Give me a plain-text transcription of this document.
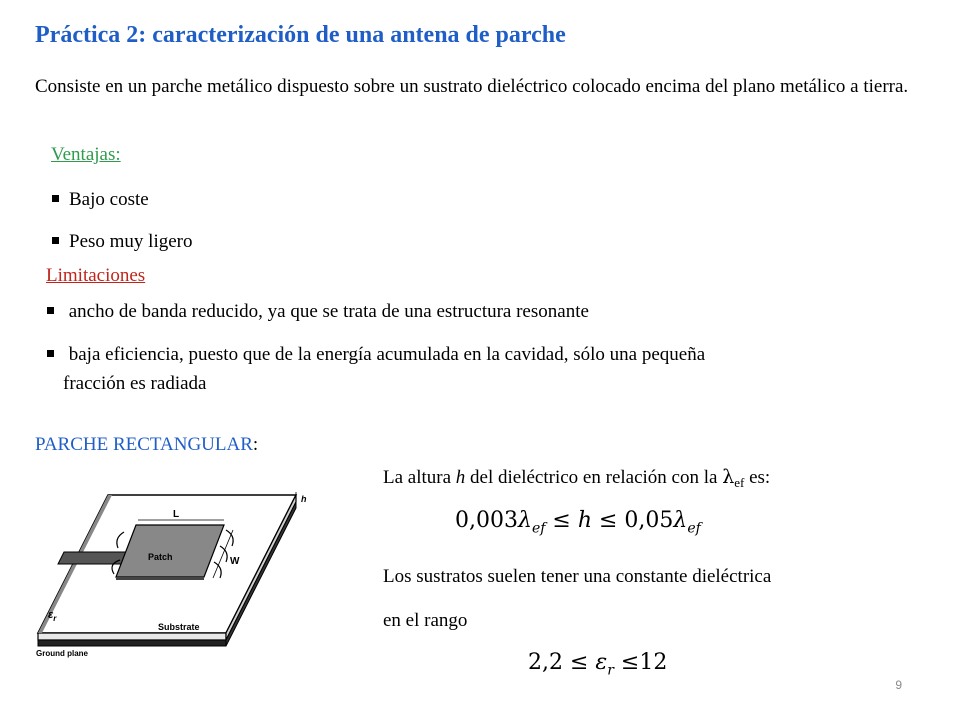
Práctica 2: caracterización de una antena de parche
Consiste en un parche metálico dispuesto sobre un sustrato dieléctrico colocado encima del plano metálico a tierra.
Ventajas:
Bajo coste
Peso muy ligero
Limitaciones
ancho de banda reducido, ya que se trata de una estructura resonante
baja eficiencia, puesto que de la energía acumulada en la cavidad, sólo una pequeña
fracción es radiada
PARCHE RECTANGULAR:
L
W
h
Patch
$\varepsilon_r$
Substrate
Ground plane
La altura h del dieléctrico en relación con la $\lambda_{ef}$ es:
$0,003\lambda_{ef} \le h \le 0,05\lambda_{ef}$
Los sustratos suelen tener una constante dieléctrica
en el rango
$2,2 \le \varepsilon_r \le 12$
9
